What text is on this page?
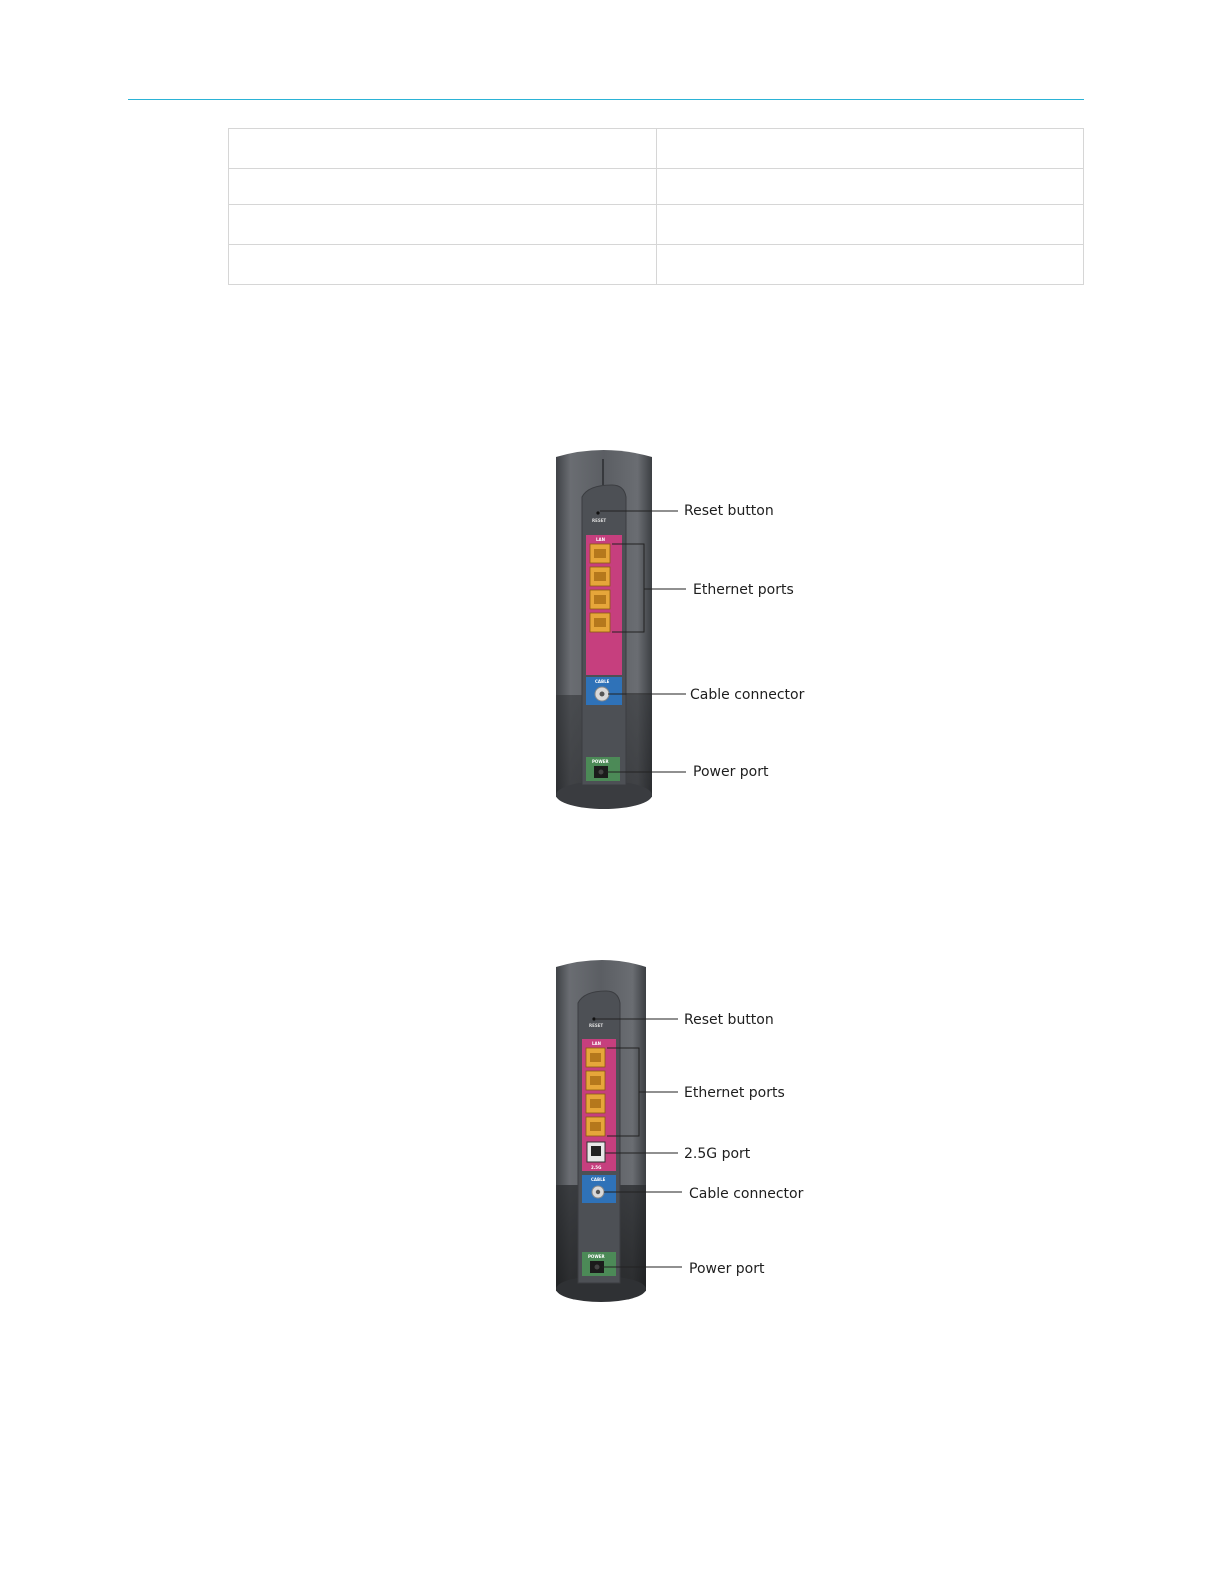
RESET
LAN
CABLE
POWER
Reset button
Ethernet ports
Cable connector
Power port
RESET
LAN
2.5G
CABLE
POWER
Reset button
Ethernet ports
2.5G port
Cable connector
Power port
